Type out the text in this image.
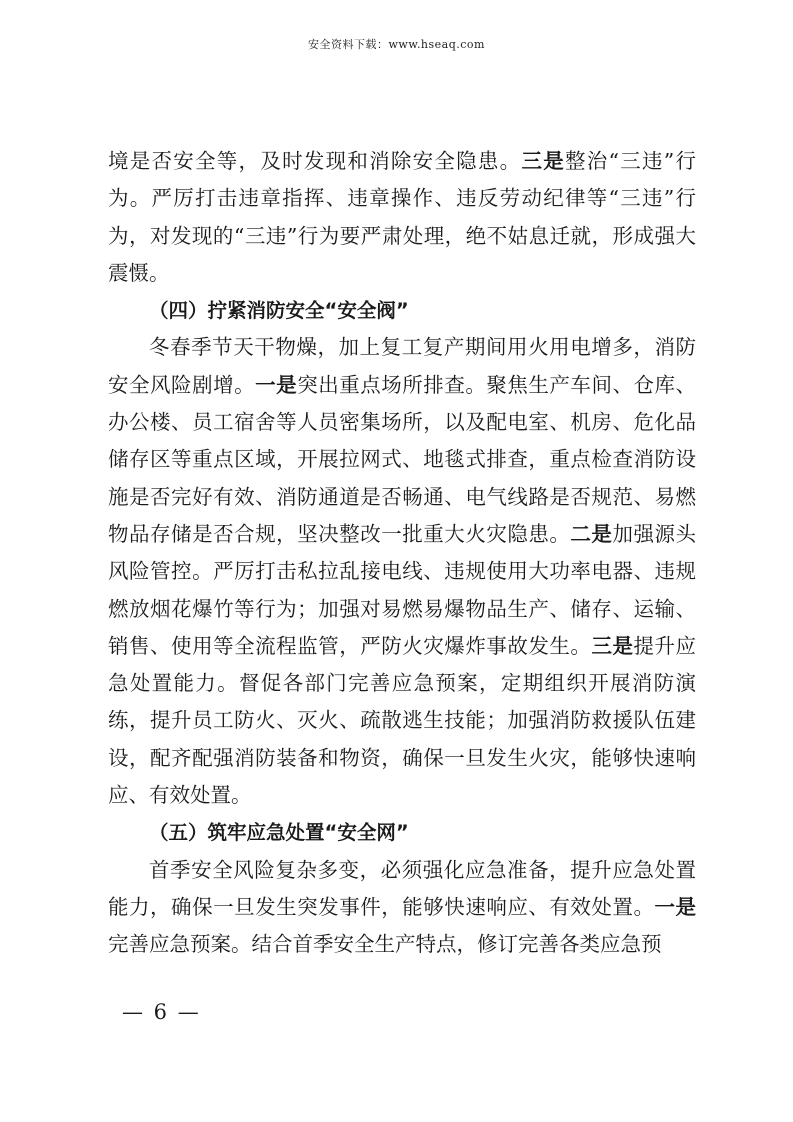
安全资料下载：www.hseaq.com

境是否安全等，及时发现和消除安全隐患。三是整治“三违”行为。严厉打击违章指挥、违章操作、违反劳动纪律等“三违”行为，对发现的“三违”行为要严肃处理，绝不姑息迁就，形成强大震慑。

（四）拧紧消防安全“安全阀”

冬春季节天干物燥，加上复工复产期间用火用电增多，消防安全风险剧增。一是突出重点场所排查。聚焦生产车间、仓库、办公楼、员工宿舍等人员密集场所，以及配电室、机房、危化品储存区等重点区域，开展拉网式、地毯式排查，重点检查消防设施是否完好有效、消防通道是否畅通、电气线路是否规范、易燃物品存储是否合规，坚决整改一批重大火灾隐患。二是加强源头风险管控。严厉打击私拉乱接电线、违规使用大功率电器、违规燃放烟花爆竹等行为；加强对易燃易爆物品生产、储存、运输、销售、使用等全流程监管，严防火灾爆炸事故发生。三是提升应急处置能力。督促各部门完善应急预案，定期组织开展消防演练，提升员工防火、灭火、疏散逃生技能；加强消防救援队伍建设，配齐配强消防装备和物资，确保一旦发生火灾，能够快速响应、有效处置。

（五）筑牢应急处置“安全网”

首季安全风险复杂多变，必须强化应急准备，提升应急处置能力，确保一旦发生突发事件，能够快速响应、有效处置。一是完善应急预案。结合首季安全生产特点，修订完善各类应急预

— 6 —
